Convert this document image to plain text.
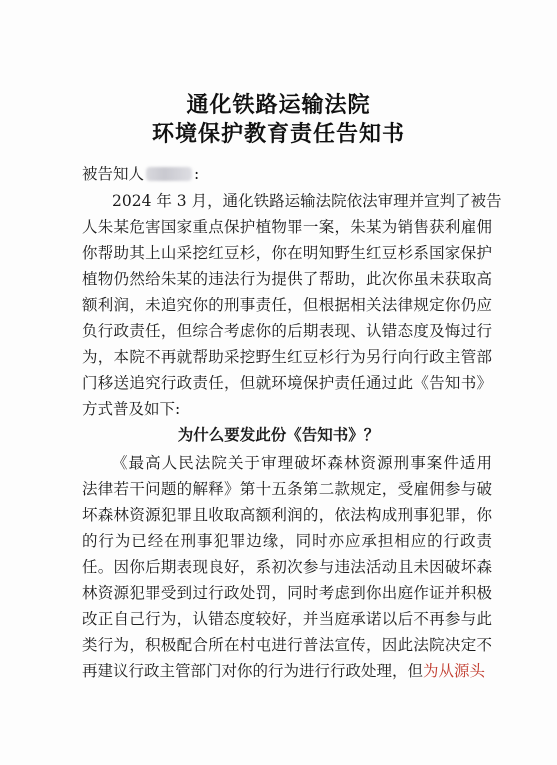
通化铁路运输法院
环境保护教育责任告知书
被告知人	:
2024 年 3 月，通化铁路运输法院依法审理并宣判了被告
人朱某危害国家重点保护植物罪一案，朱某为销售获利雇佣
你帮助其上山采挖红豆杉，你在明知野生红豆杉系国家保护
植物仍然给朱某的违法行为提供了帮助，此次你虽未获取高
额利润，未追究你的刑事责任，但根据相关法律规定你仍应
负行政责任，但综合考虑你的后期表现、认错态度及悔过行
为，本院不再就帮助采挖野生红豆杉行为另行向行政主管部
门移送追究行政责任，但就环境保护责任通过此《告知书》
方式普及如下:
为什么要发此份《告知书》？
《最高人民法院关于审理破坏森林资源刑事案件适用
法律若干问题的解释》第十五条第二款规定，受雇佣参与破
坏森林资源犯罪且收取高额利润的，依法构成刑事犯罪，你
的行为已经在刑事犯罪边缘，同时亦应承担相应的行政责
任。因你后期表现良好，系初次参与违法活动且未因破坏森
林资源犯罪受到过行政处罚，同时考虑到你出庭作证并积极
改正自己行为，认错态度较好，并当庭承诺以后不再参与此
类行为，积极配合所在村屯进行普法宣传，因此法院决定不
再建议行政主管部门对你的行为进行行政处理，但为从源头
